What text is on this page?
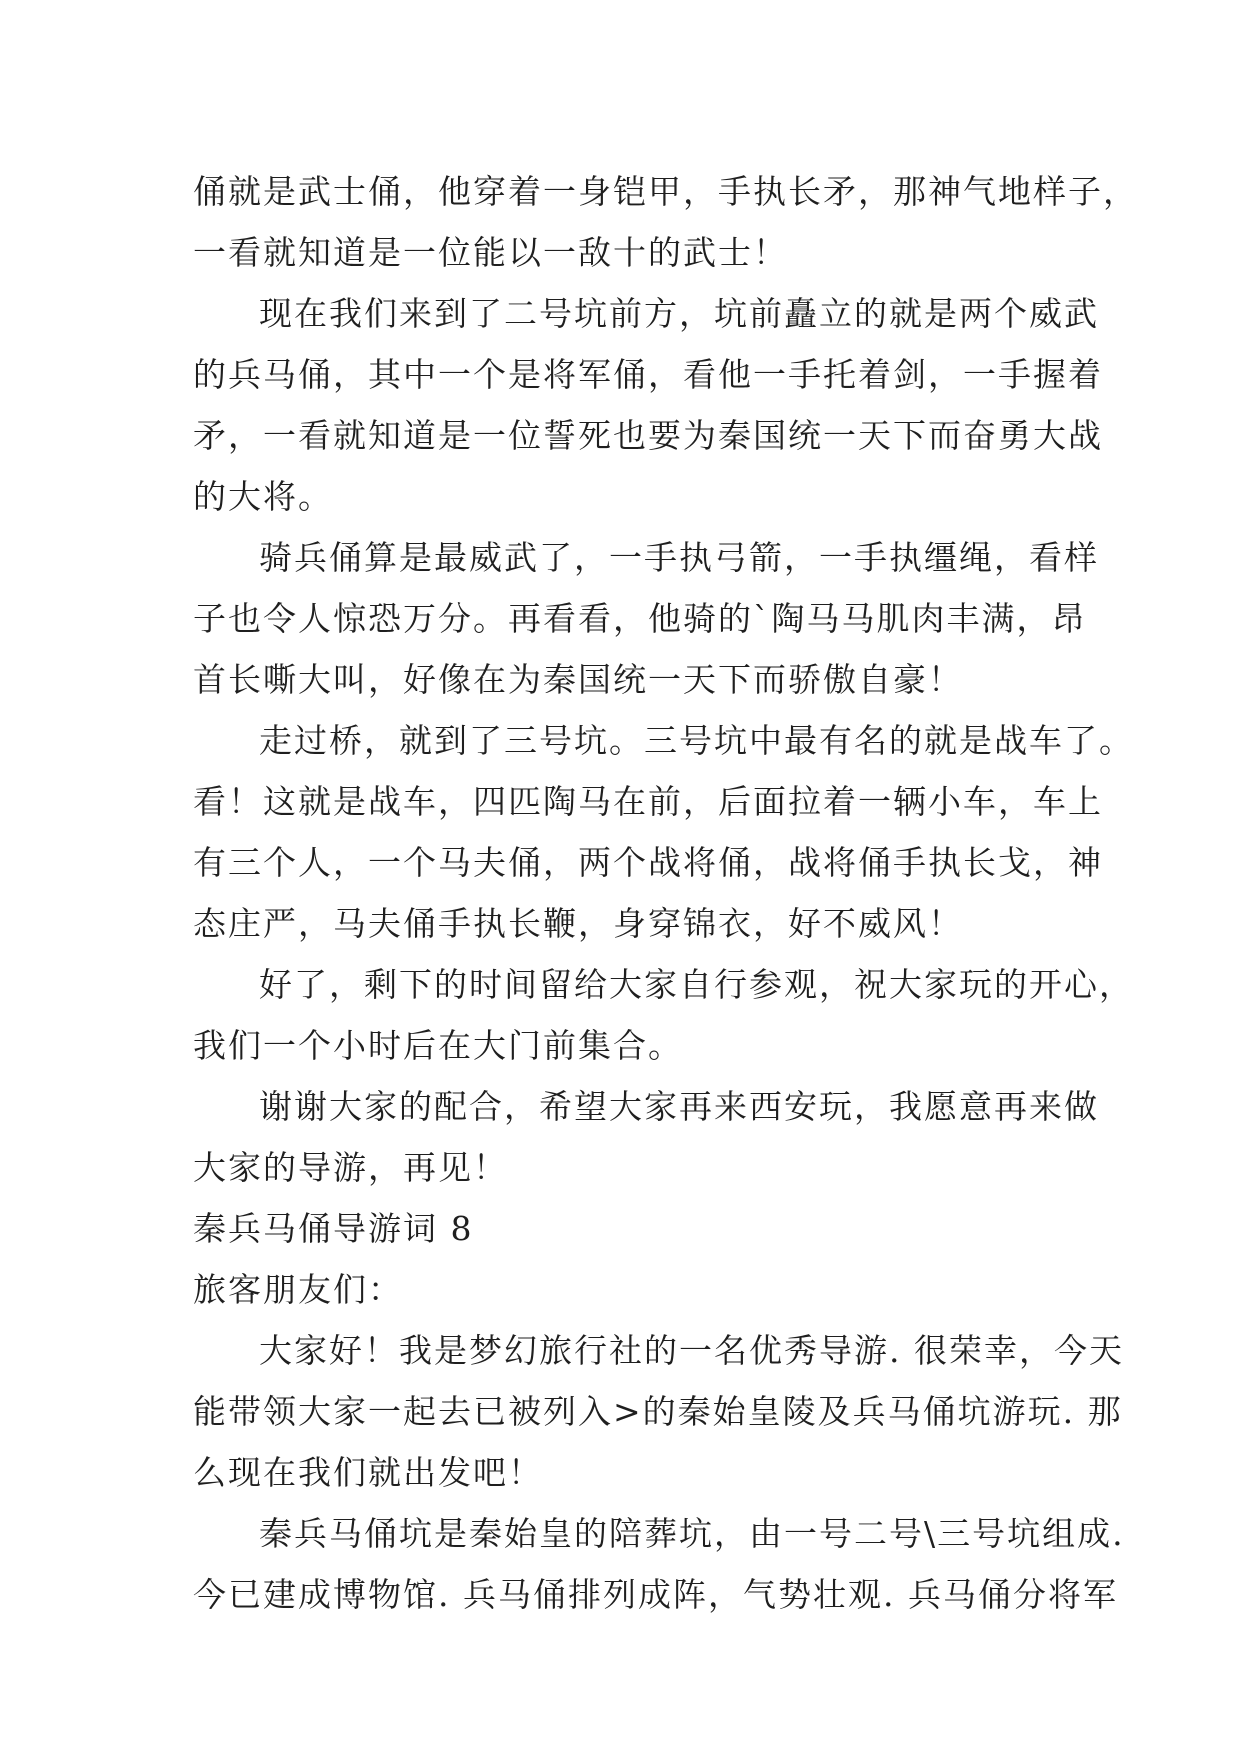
俑就是武士俑，他穿着一身铠甲，手执长矛，那神气地样子，
一看就知道是一位能以一敌十的武士！
现在我们来到了二号坑前方，坑前矗立的就是两个威武
的兵马俑，其中一个是将军俑，看他一手托着剑，一手握着
矛，一看就知道是一位誓死也要为秦国统一天下而奋勇大战
的大将。
骑兵俑算是最威武了，一手执弓箭，一手执缰绳，看样
子也令人惊恐万分。再看看，他骑的`陶马马肌肉丰满，昂
首长嘶大叫，好像在为秦国统一天下而骄傲自豪！
走过桥，就到了三号坑。三号坑中最有名的就是战车了。
看！这就是战车，四匹陶马在前，后面拉着一辆小车，车上
有三个人，一个马夫俑，两个战将俑，战将俑手执长戈，神
态庄严，马夫俑手执长鞭，身穿锦衣，好不威风！
好了，剩下的时间留给大家自行参观，祝大家玩的开心，
我们一个小时后在大门前集合。
谢谢大家的配合，希望大家再来西安玩，我愿意再来做
大家的导游，再见！
秦兵马俑导游词 8
旅客朋友们：
大家好！我是梦幻旅行社的一名优秀导游. 很荣幸，今天
能带领大家一起去已被列入>的秦始皇陵及兵马俑坑游玩. 那
么现在我们就出发吧！
秦兵马俑坑是秦始皇的陪葬坑，由一号二号\三号坑组成.
今已建成博物馆. 兵马俑排列成阵，气势壮观. 兵马俑分将军
